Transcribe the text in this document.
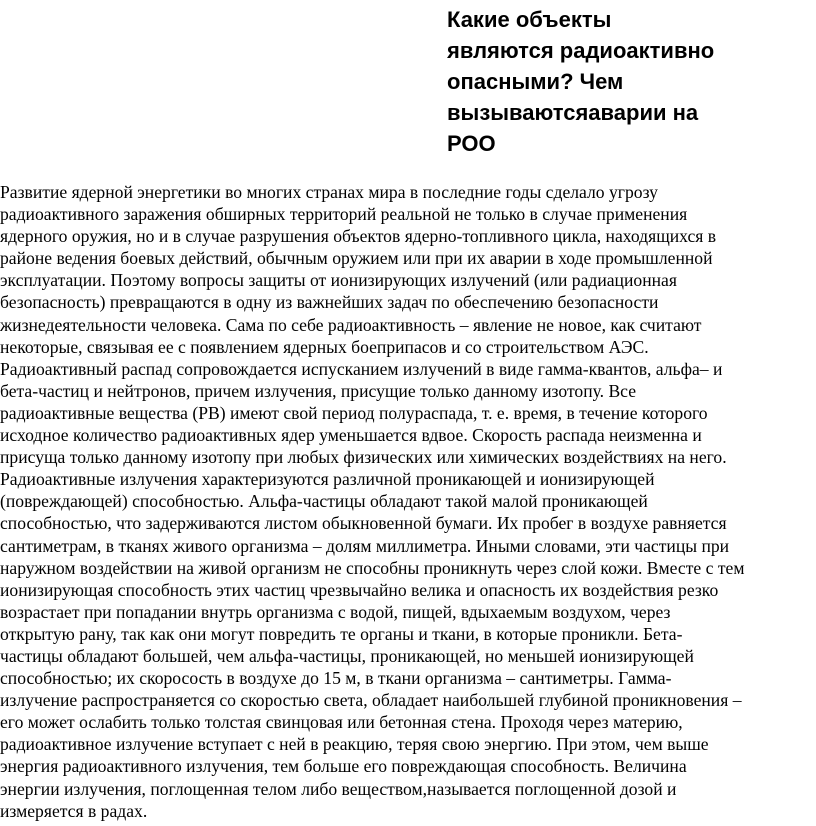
Какие объекты
являются радиоактивно
опасными? Чем
вызываютсяаварии на
РОО

Развитие ядерной энергетики во многих странах мира в последние годы сделало угрозу
радиоактивного заражения обширных территорий реальной не только в случае применения
ядерного оружия, но и в случае разрушения объектов ядерно-топливного цикла, находящихся в
районе ведения боевых действий, обычным оружием или при их аварии в ходе промышленной
эксплуатации. Поэтому вопросы защиты от ионизирующих излучений (или радиационная
безопасность) превращаются в одну из важнейших задач по обеспечению безопасности
жизнедеятельности человека. Сама по себе радиоактивность – явление не новое, как считают
некоторые, связывая ее с появлением ядерных боеприпасов и со строительством АЭС.
Радиоактивный распад сопровождается испусканием излучений в виде гамма-квантов, альфа– и
бета-частиц и нейтронов, причем излучения, присущие только данному изотопу. Все
радиоактивные вещества (РВ) имеют свой период полураспада, т. е. время, в течение которого
исходное количество радиоактивных ядер уменьшается вдвое. Скорость распада неизменна и
присуща только данному изотопу при любых физических или химических воздействиях на него.
Радиоактивные излучения характеризуются различной проникающей и ионизирующей
(повреждающей) способностью. Альфа-частицы обладают такой малой проникающей
способностью, что задерживаются листом обыкновенной бумаги. Их пробег в воздухе равняется
сантиметрам, в тканях живого организма – долям миллиметра. Иными словами, эти частицы при
наружном воздействии на живой организм не способны проникнуть через слой кожи. Вместе с тем
ионизирующая способность этих частиц чрезвычайно велика и опасность их воздействия резко
возрастает при попадании внутрь организма с водой, пищей, вдыхаемым воздухом, через
открытую рану, так как они могут повредить те органы и ткани, в которые проникли. Бета-
частицы обладают большей, чем альфа-частицы, проникающей, но меньшей ионизирующей
способностью; их скоросость в воздухе до 15 м, в ткани организма – сантиметры. Гамма-
излучение распространяется со скоростью света, обладает наибольшей глубиной проникновения –
его может ослабить только толстая свинцовая или бетонная стена. Проходя через материю,
радиоактивное излучение вступает с ней в реакцию, теряя свою энергию. При этом, чем выше
энергия радиоактивного излучения, тем больше его повреждающая способность. Величина
энергии излучения, поглощенная телом либо веществом,называется поглощенной дозой и
измеряется в радах.
